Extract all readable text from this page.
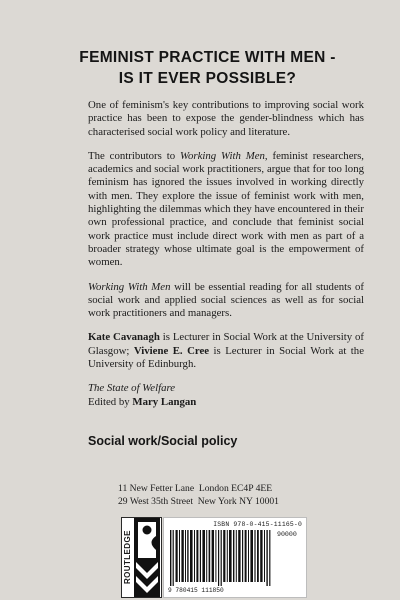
FEMINIST PRACTICE WITH MEN -
IS IT EVER POSSIBLE?

One of feminism's key contributions to improving social work practice has been to expose the gender-blindness which has characterised social work policy and literature.

The contributors to Working With Men, feminist researchers, academics and social work practitioners, argue that for too long feminism has ignored the issues involved in working directly with men. They explore the issue of feminist work with men, highlighting the dilemmas which they have encountered in their own professional practice, and conclude that feminist social work practice must include direct work with men as part of a broader strategy whose ultimate goal is the empowerment of women.

Working With Men will be essential reading for all students of social work and applied social sciences as well as for social work practitioners and managers.

Kate Cavanagh is Lecturer in Social Work at the University of Glasgow; Viviene E. Cree is Lecturer in Social Work at the University of Edinburgh.

The State of Welfare
Edited by Mary Langan

Social work/Social policy
11 New Fetter Lane  London EC4P 4EE
29 West 35th Street  New York NY 10001
ROUTLEDGE
ISBN 978-0-415-11165-0
90000
9 780415 111850
